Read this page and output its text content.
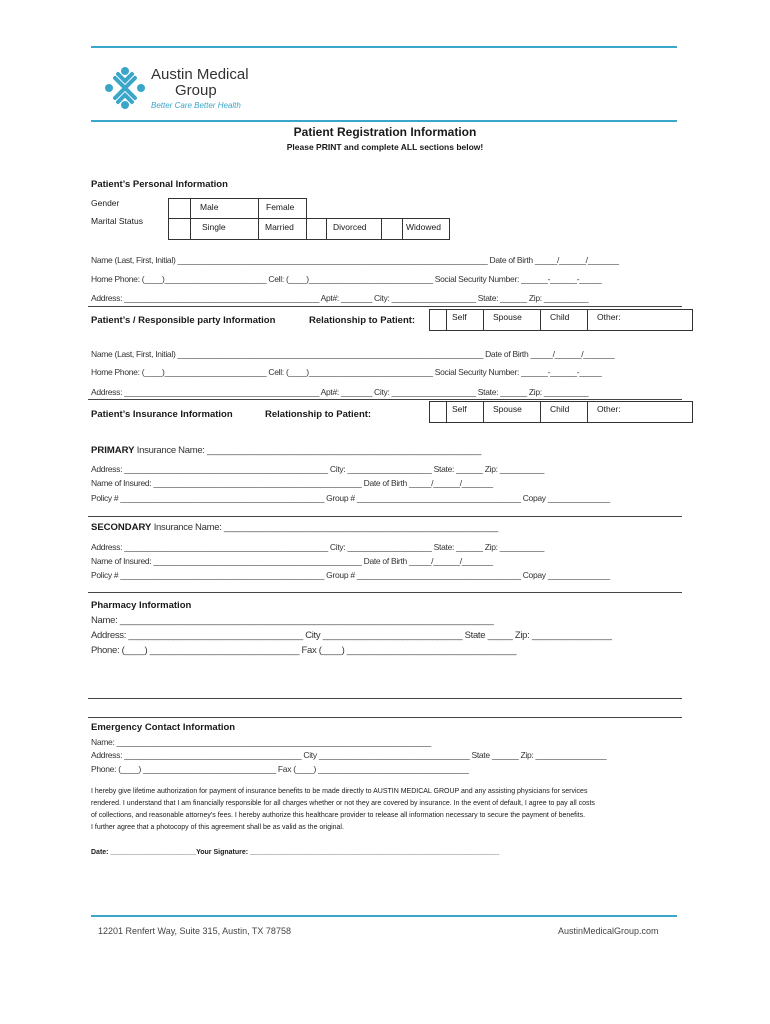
Austin Medical
Group
Better Care Better Health
Patient Registration Information
Please PRINT and complete ALL sections below!
Patient’s Personal Information
Gender
Marital Status
Male	Female
Single	Married	Divorced	Widowed
Name (Last, First, Initial) ______________________________________________________________________ Date of Birth _____/______/_______
Home Phone: (____)_______________________ Cell: (____)____________________________ Social Security Number: ______-______-_____
Address: ____________________________________________ Apt#: _______ City: ___________________ State: ______ Zip: __________
Patient’s / Responsible party Information	Relationship to Patient:	Self	Spouse	Child	Other:
Name (Last, First, Initial) _____________________________________________________________________ Date of Birth _____/______/_______
Home Phone: (____)_______________________ Cell: (____)____________________________ Social Security Number: ______-______-_____
Address: ____________________________________________ Apt#: _______ City: ___________________ State: ______ Zip: __________
Patient’s Insurance Information	Relationship to Patient:	Self	Spouse	Child	Other:
PRIMARY Insurance Name: _______________________________________________________
Address: ______________________________________________ City: ___________________ State: ______ Zip: __________
Name of Insured: _______________________________________________ Date of Birth _____/______/_______
Policy # ______________________________________________ Group # _____________________________________ Copay ______________
SECONDARY Insurance Name: _______________________________________________________
Address: ______________________________________________ City: ___________________ State: ______ Zip: __________
Name of Insured: _______________________________________________ Date of Birth _____/______/_______
Policy # ______________________________________________ Group # _____________________________________ Copay ______________
Pharmacy Information
Name: ___________________________________________________________________________
Address: ___________________________________ City ____________________________ State _____ Zip: ________________
Phone: (____) ______________________________ Fax (____) __________________________________
Emergency Contact Information
Name: _______________________________________________________________________
Address: ________________________________________ City __________________________________ State ______ Zip: ________________
Phone: (____) ______________________________ Fax (____) __________________________________
I hereby give lifetime authorization for payment of insurance benefits to be made directly to AUSTIN MEDICAL GROUP and any assisting physicians for services
rendered. I understand that I am financially responsible for all charges whether or not they are covered by insurance. In the event of default, I agree to pay all costs
of collections, and reasonable attorney’s fees. I hereby authorize this healthcare provider to release all information necessary to secure the payment of benefits.
I further agree that a photocopy of this agreement shall be as valid as the original.
Date: ______________________Your Signature: ________________________________________________________________
12201 Renfert Way, Suite 315, Austin, TX 78758	AustinMedicalGroup.com
